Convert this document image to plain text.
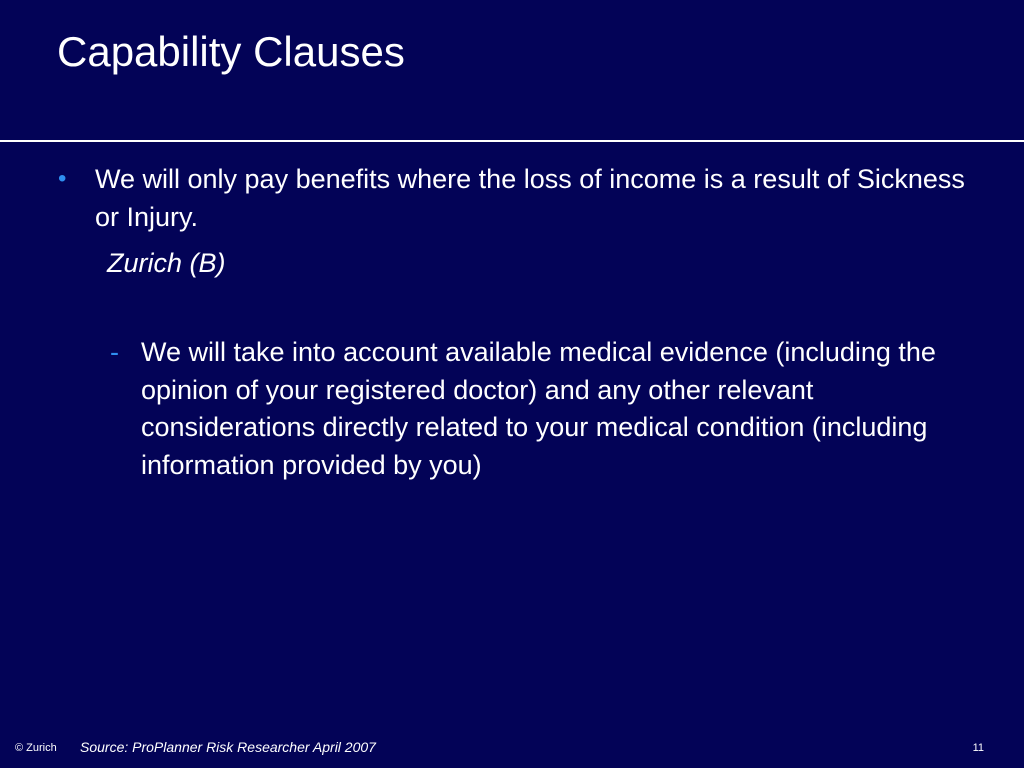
Capability Clauses
• We will only pay benefits where the loss of income is a result of Sickness or Injury.
Zurich (B)
- We will take into account available medical evidence (including the opinion of your registered doctor) and any other relevant considerations directly related to your medical condition (including information provided by you)
© Zurich Source: ProPlanner Risk Researcher April 2007	11
